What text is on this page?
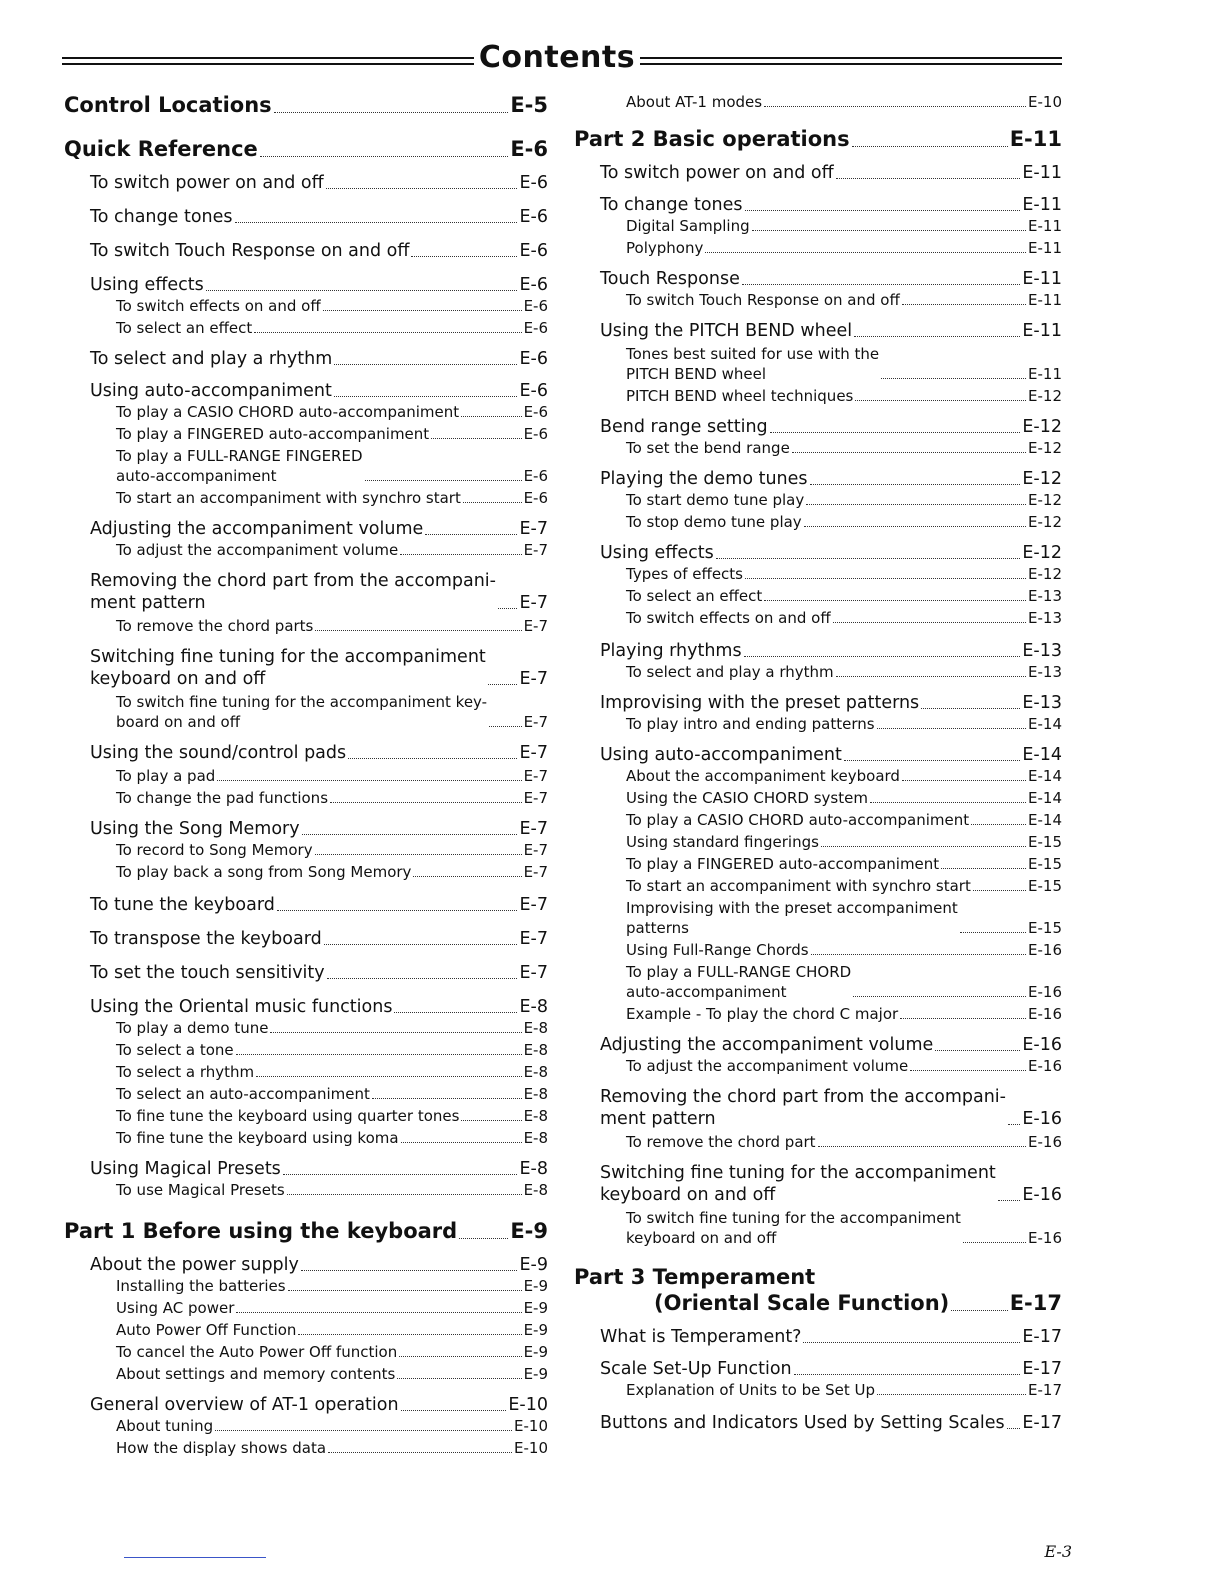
Contents
Control Locations	E-5
Quick Reference	E-6
To switch power on and off	E-6
To change tones	E-6
To switch Touch Response on and off	E-6
Using effects	E-6
To switch effects on and off	E-6
To select an effect	E-6
To select and play a rhythm	E-6
Using auto-accompaniment	E-6
To play a CASIO CHORD auto-accompaniment	E-6
To play a FINGERED auto-accompaniment	E-6
To play a FULL-RANGE FINGERED
auto-accompaniment	E-6
To start an accompaniment with synchro start	E-6
Adjusting the accompaniment volume	E-7
To adjust the accompaniment volume	E-7
Removing the chord part from the accompani-
ment pattern	E-7
To remove the chord parts	E-7
Switching fine tuning for the accompaniment
keyboard on and off	E-7
To switch fine tuning for the accompaniment key-
board on and off	E-7
Using the sound/control pads	E-7
To play a pad	E-7
To change the pad functions	E-7
Using the Song Memory	E-7
To record to Song Memory	E-7
To play back a song from Song Memory	E-7
To tune the keyboard	E-7
To transpose the keyboard	E-7
To set the touch sensitivity	E-7
Using the Oriental music functions	E-8
To play a demo tune	E-8
To select a tone	E-8
To select a rhythm	E-8
To select an auto-accompaniment	E-8
To fine tune the keyboard using quarter tones	E-8
To fine tune the keyboard using koma	E-8
Using Magical Presets	E-8
To use Magical Presets	E-8
Part 1 Before using the keyboard	E-9
About the power supply	E-9
Installing the batteries	E-9
Using AC power	E-9
Auto Power Off Function	E-9
To cancel the Auto Power Off function	E-9
About settings and memory contents	E-9
General overview of AT-1 operation	E-10
About tuning	E-10
How the display shows data	E-10
About AT-1 modes	E-10
Part 2 Basic operations	E-11
To switch power on and off	E-11
To change tones	E-11
Digital Sampling	E-11
Polyphony	E-11
Touch Response	E-11
To switch Touch Response on and off	E-11
Using the PITCH BEND wheel	E-11
Tones best suited for use with the
PITCH BEND wheel	E-11
PITCH BEND wheel techniques	E-12
Bend range setting	E-12
To set the bend range	E-12
Playing the demo tunes	E-12
To start demo tune play	E-12
To stop demo tune play	E-12
Using effects	E-12
Types of effects	E-12
To select an effect	E-13
To switch effects on and off	E-13
Playing rhythms	E-13
To select and play a rhythm	E-13
Improvising with the preset patterns	E-13
To play intro and ending patterns	E-14
Using auto-accompaniment	E-14
About the accompaniment keyboard	E-14
Using the CASIO CHORD system	E-14
To play a CASIO CHORD auto-accompaniment	E-14
Using standard fingerings	E-15
To play a FINGERED auto-accompaniment	E-15
To start an accompaniment with synchro start	E-15
Improvising with the preset accompaniment
patterns	E-15
Using Full-Range Chords	E-16
To play a FULL-RANGE CHORD
auto-accompaniment	E-16
Example - To play the chord C major	E-16
Adjusting the accompaniment volume	E-16
To adjust the accompaniment volume	E-16
Removing the chord part from the accompani-
ment pattern	E-16
To remove the chord part	E-16
Switching fine tuning for the accompaniment
keyboard on and off	E-16
To switch fine tuning for the accompaniment
keyboard on and off	E-16
Part 3 Temperament
(Oriental Scale Function)	E-17
What is Temperament?	E-17
Scale Set-Up Function	E-17
Explanation of Units to be Set Up	E-17
Buttons and Indicators Used by Setting Scales E-17
E-3
